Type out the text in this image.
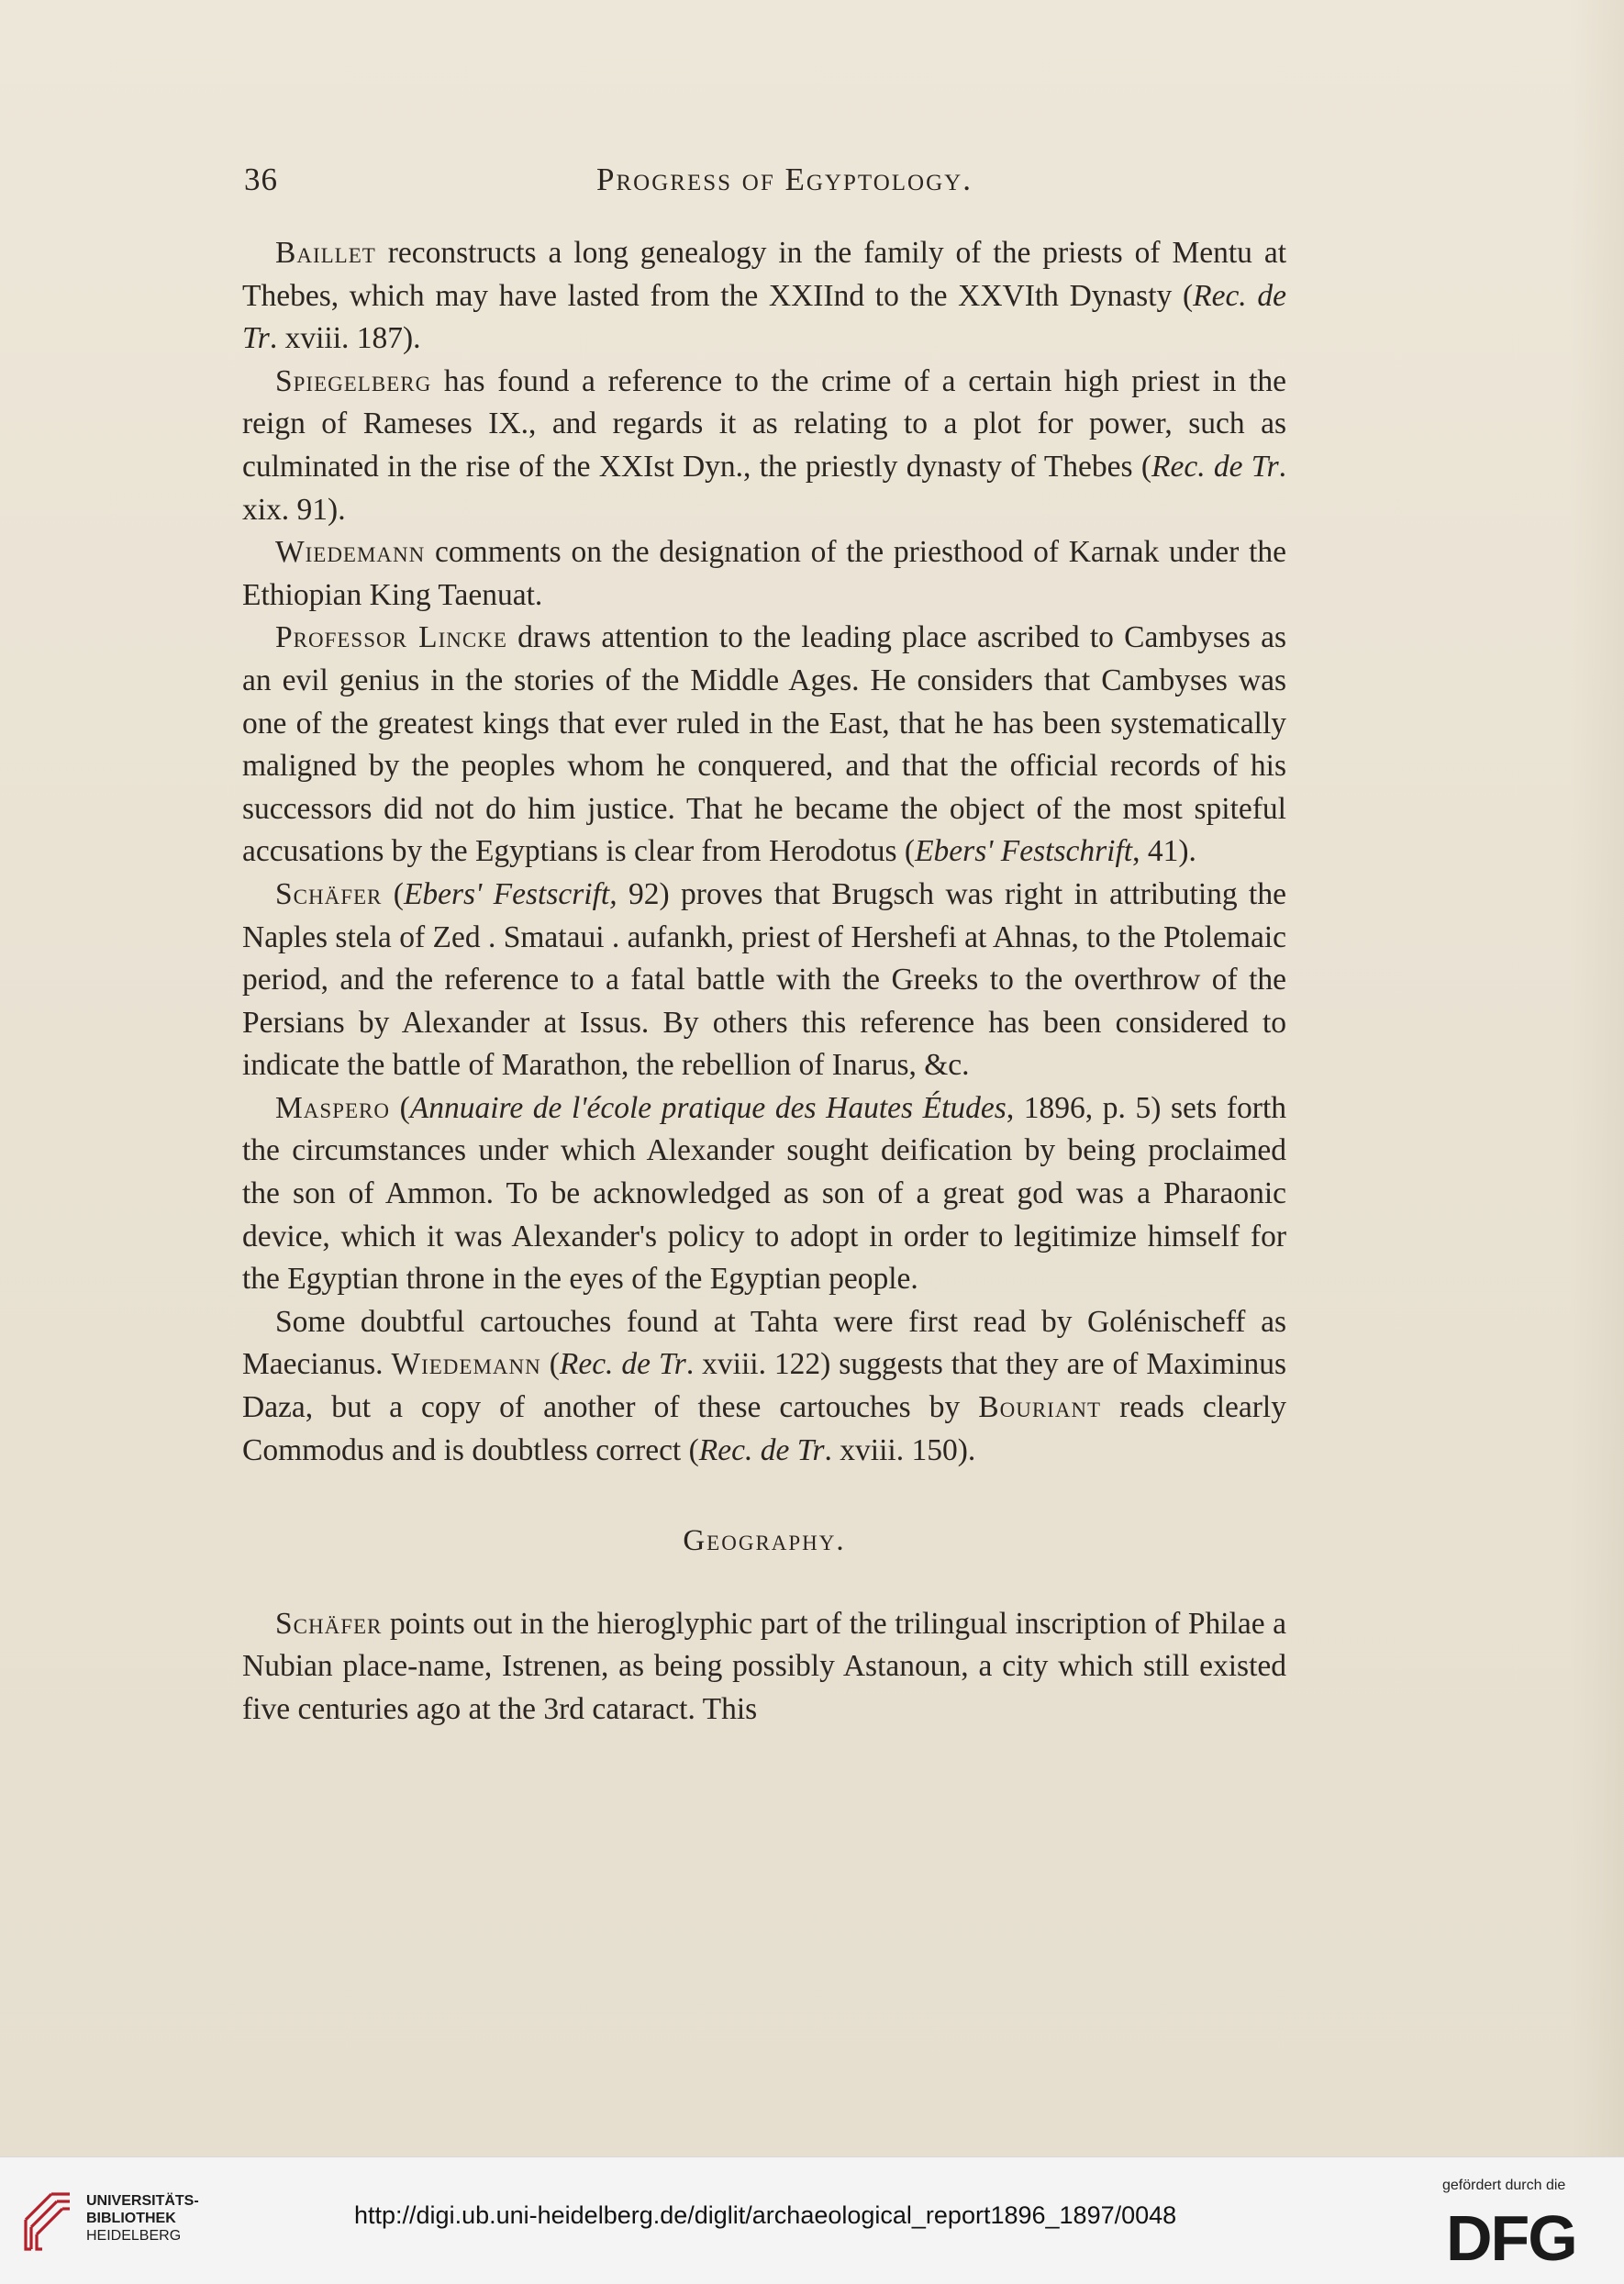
36	Progress of Egyptology.

Baillet reconstructs a long genealogy in the family of the priests of Mentu at Thebes, which may have lasted from the XXIInd to the XXVIth Dynasty (Rec. de Tr. xviii. 187).

Spiegelberg has found a reference to the crime of a certain high priest in the reign of Rameses IX., and regards it as relating to a plot for power, such as culminated in the rise of the XXIst Dyn., the priestly dynasty of Thebes (Rec. de Tr. xix. 91).

Wiedemann comments on the designation of the priesthood of Karnak under the Ethiopian King Taenuat.

Professor Lincke draws attention to the leading place ascribed to Cambyses as an evil genius in the stories of the Middle Ages. He considers that Cambyses was one of the greatest kings that ever ruled in the East, that he has been systematically maligned by the peoples whom he conquered, and that the official records of his successors did not do him justice. That he became the object of the most spiteful accusations by the Egyptians is clear from Herodotus (Ebers' Festschrift, 41).

Schäfer (Ebers' Festscrift, 92) proves that Brugsch was right in attributing the Naples stela of Zed . Smataui . aufankh, priest of Hershefi at Ahnas, to the Ptolemaic period, and the reference to a fatal battle with the Greeks to the overthrow of the Persians by Alexander at Issus. By others this reference has been considered to indicate the battle of Marathon, the rebellion of Inarus, &c.

Maspero (Annuaire de l'école pratique des Hautes Études, 1896, p. 5) sets forth the circumstances under which Alexander sought deification by being proclaimed the son of Ammon. To be acknowledged as son of a great god was a Pharaonic device, which it was Alexander's policy to adopt in order to legitimize himself for the Egyptian throne in the eyes of the Egyptian people.

Some doubtful cartouches found at Tahta were first read by Golénischeff as Maecianus. Wiedemann (Rec. de Tr. xviii. 122) suggests that they are of Maximinus Daza, but a copy of another of these cartouches by Bouriant reads clearly Commodus and is doubtless correct (Rec. de Tr. xviii. 150).

Geography.

Schäfer points out in the hieroglyphic part of the trilingual inscription of Philae a Nubian place-name, Istrenen, as being possibly Astanoun, a city which still existed five centuries ago at the 3rd cataract. This

UNIVERSITÄTS-
BIBLIOTHEK
HEIDELBERG
http://digi.ub.uni-heidelberg.de/diglit/archaeological_report1896_1897/0048
gefördert durch die
DFG
